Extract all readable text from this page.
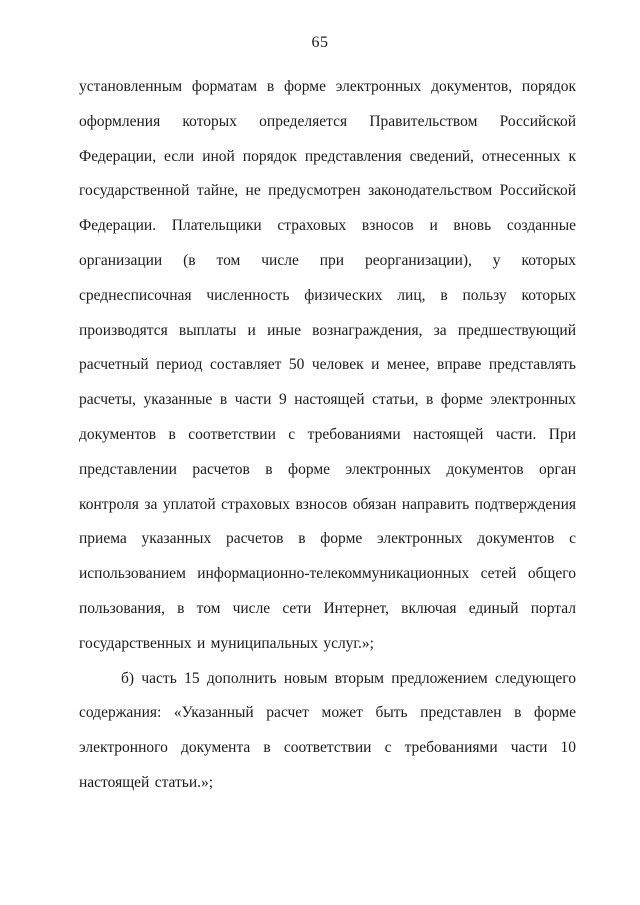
65

установленным форматам в форме электронных документов, порядок оформления которых определяется Правительством Российской Федерации, если иной порядок представления сведений, отнесенных к государственной тайне, не предусмотрен законодательством Российской Федерации. Плательщики страховых взносов и вновь созданные организации (в том числе при реорганизации), у которых среднесписочная численность физических лиц, в пользу которых производятся выплаты и иные вознаграждения, за предшествующий расчетный период составляет 50 человек и менее, вправе представлять расчеты, указанные в части 9 настоящей статьи, в форме электронных документов в соответствии с требованиями настоящей части. При представлении расчетов в форме электронных документов орган контроля за уплатой страховых взносов обязан направить подтверждения приема указанных расчетов в форме электронных документов с использованием информационно-телекоммуникационных сетей общего пользования, в том числе сети Интернет, включая единый портал государственных и муниципальных услуг.»;

б) часть 15 дополнить новым вторым предложением следующего содержания: «Указанный расчет может быть представлен в форме электронного документа в соответствии с требованиями части 10 настоящей статьи.»;
